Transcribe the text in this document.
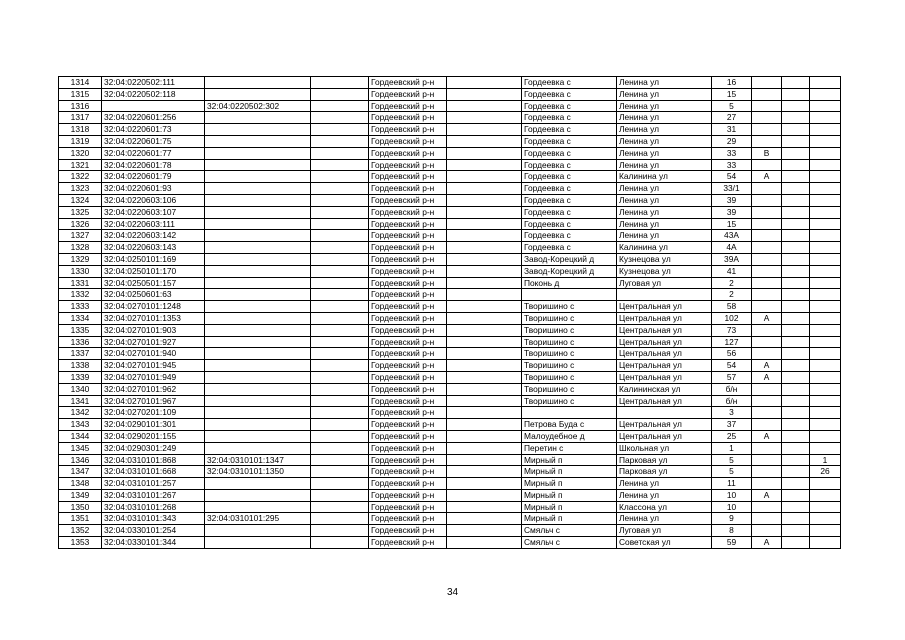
1314	32:04:0220502:111			Гордеевский р-н		Гордеевка с	Ленина ул	16			
1315	32:04:0220502:118			Гордеевский р-н		Гордеевка с	Ленина ул	15			
1316		32:04:0220502:302		Гордеевский р-н		Гордеевка с	Ленина ул	5			
1317	32:04:0220601:256			Гордеевский р-н		Гордеевка с	Ленина ул	27			
1318	32:04:0220601:73			Гордеевский р-н		Гордеевка с	Ленина ул	31			
1319	32:04:0220601:75			Гордеевский р-н		Гордеевка с	Ленина ул	29			
1320	32:04:0220601:77			Гордеевский р-н		Гордеевка с	Ленина ул	33	В		
1321	32:04:0220601:78			Гордеевский р-н		Гордеевка с	Ленина ул	33			
1322	32:04:0220601:79			Гордеевский р-н		Гордеевка с	Калинина ул	54	А		
1323	32:04:0220601:93			Гордеевский р-н		Гордеевка с	Ленина ул	33/1			
1324	32:04:0220603:106			Гордеевский р-н		Гордеевка с	Ленина ул	39			
1325	32:04:0220603:107			Гордеевский р-н		Гордеевка с	Ленина ул	39			
1326	32:04:0220603:111			Гордеевский р-н		Гордеевка с	Ленина ул	15			
1327	32:04:0220603:142			Гордеевский р-н		Гордеевка с	Ленина ул	43А			
1328	32:04:0220603:143			Гордеевский р-н		Гордеевка с	Калинина ул	4А			
1329	32:04:0250101:169			Гордеевский р-н		Завод-Корецкий д	Кузнецова ул	39А			
1330	32:04:0250101:170			Гордеевский р-н		Завод-Корецкий д	Кузнецова ул	41			
1331	32:04:0250501:157			Гордеевский р-н		Поконь д	Луговая ул	2			
1332	32:04:0250601:63			Гордеевский р-н				2			
1333	32:04:0270101:1248			Гордеевский р-н		Творишино с	Центральная ул	58			
1334	32:04:0270101:1353			Гордеевский р-н		Творишино с	Центральная ул	102	А		
1335	32:04:0270101:903			Гордеевский р-н		Творишино с	Центральная ул	73			
1336	32:04:0270101:927			Гордеевский р-н		Творишино с	Центральная ул	127			
1337	32:04:0270101:940			Гордеевский р-н		Творишино с	Центральная ул	56			
1338	32:04:0270101:945			Гордеевский р-н		Творишино с	Центральная ул	54	А		
1339	32:04:0270101:949			Гордеевский р-н		Творишино с	Центральная ул	57	А		
1340	32:04:0270101:962			Гордеевский р-н		Творишино с	Калининская ул	б/н			
1341	32:04:0270101:967			Гордеевский р-н		Творишино с	Центральная ул	б/н			
1342	32:04:0270201:109			Гордеевский р-н				3			
1343	32:04:0290101:301			Гордеевский р-н		Петрова Буда с	Центральная ул	37			
1344	32:04:0290201:155			Гордеевский р-н		Малоудебное д	Центральная ул	25	А		
1345	32:04:0290301:249			Гордеевский р-н		Перетин с	Школьная ул	1			
1346	32:04:0310101:868	32:04:0310101:1347		Гордеевский р-н		Мирный п	Парковая ул	5			1
1347	32:04:0310101:668	32:04:0310101:1350		Гордеевский р-н		Мирный п	Парковая ул	5			26
1348	32:04:0310101:257			Гордеевский р-н		Мирный п	Ленина ул	11			
1349	32:04:0310101:267			Гордеевский р-н		Мирный п	Ленина ул	10	А		
1350	32:04:0310101:268			Гордеевский р-н		Мирный п	Классона ул	10			
1351	32:04:0310101:343	32:04:0310101:295		Гордеевский р-н		Мирный п	Ленина ул	9			
1352	32:04:0330101:254			Гордеевский р-н		Смяльч с	Луговая ул	8			
1353	32:04:0330101:344			Гордеевский р-н		Смяльч с	Советская ул	59	А		
34
